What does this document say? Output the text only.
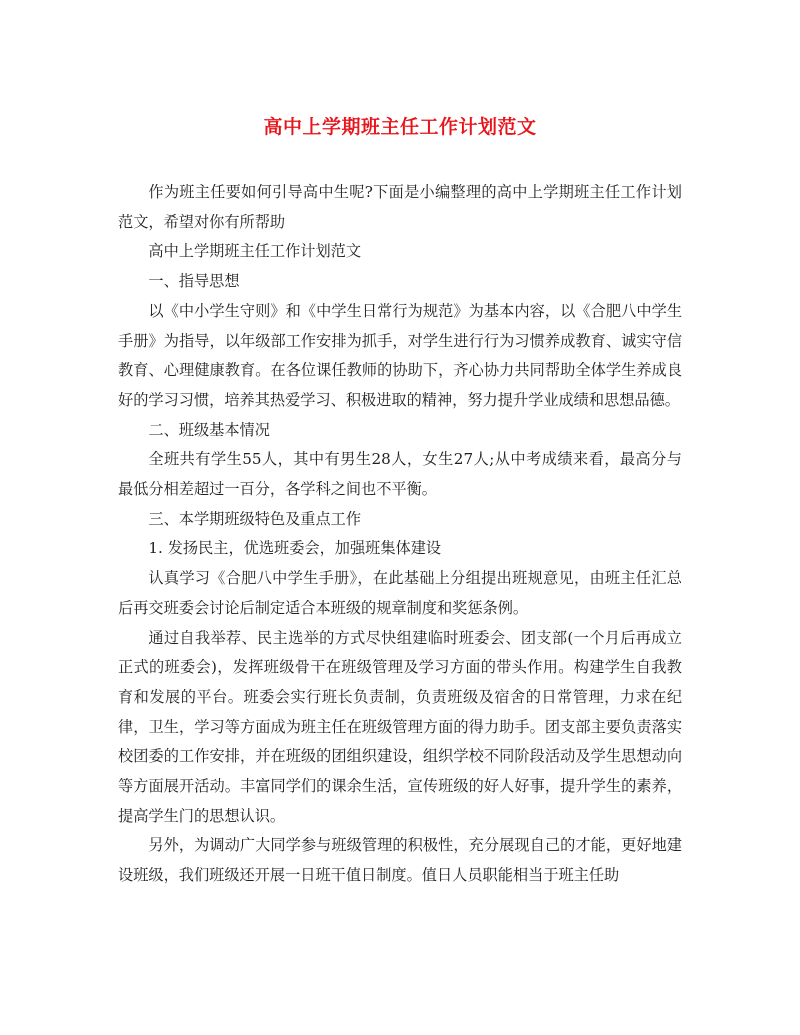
高中上学期班主任工作计划范文

作为班主任要如何引导高中生呢?下面是小编整理的高中上学期班主任工作计划范文，希望对你有所帮助

高中上学期班主任工作计划范文

一、指导思想

以《中小学生守则》和《中学生日常行为规范》为基本内容，以《合肥八中学生手册》为指导，以年级部工作安排为抓手，对学生进行行为习惯养成教育、诚实守信教育、心理健康教育。在各位课任教师的协助下，齐心协力共同帮助全体学生养成良好的学习习惯，培养其热爱学习、积极进取的精神，努力提升学业成绩和思想品德。

二、班级基本情况

全班共有学生55人，其中有男生28人，女生27人;从中考成绩来看，最高分与最低分相差超过一百分，各学科之间也不平衡。

三、本学期班级特色及重点工作

1. 发扬民主，优选班委会，加强班集体建设

认真学习《合肥八中学生手册》，在此基础上分组提出班规意见，由班主任汇总后再交班委会讨论后制定适合本班级的规章制度和奖惩条例。

通过自我举荐、民主选举的方式尽快组建临时班委会、团支部(一个月后再成立正式的班委会)，发挥班级骨干在班级管理及学习方面的带头作用。构建学生自我教育和发展的平台。班委会实行班长负责制，负责班级及宿舍的日常管理，力求在纪律，卫生，学习等方面成为班主任在班级管理方面的得力助手。团支部主要负责落实校团委的工作安排，并在班级的团组织建设，组织学校不同阶段活动及学生思想动向等方面展开活动。丰富同学们的课余生活，宣传班级的好人好事，提升学生的素养，提高学生门的思想认识。

另外，为调动广大同学参与班级管理的积极性，充分展现自己的才能，更好地建设班级，我们班级还开展一日班干值日制度。值日人员职能相当于班主任助
